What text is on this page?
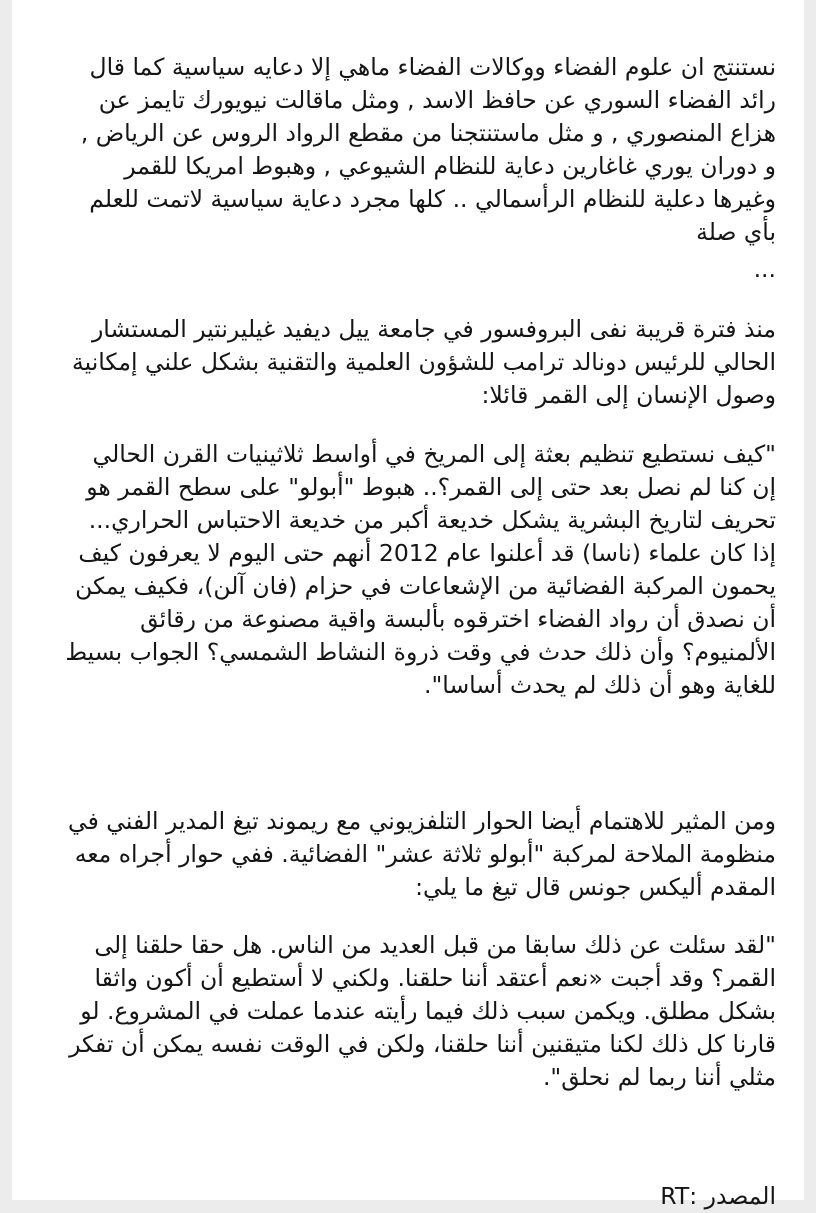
نستنتج ان علوم الفضاء ووكالات الفضاء ماهي إلا دعايه سياسية كما قال رائد الفضاء السوري عن حافظ الاسد , ومثل ماقالت نيويورك تايمز عن هزاع المنصوري , و مثل ماستنتجنا من مقطع الرواد الروس عن الرياض , و دوران يوري غاغارين دعاية للنظام الشيوعي , وهبوط امريكا للقمر وغيرها دعلية للنظام الرأسمالي .. كلها مجرد دعاية سياسية لاتمت للعلم بأي صلة

...

منذ فترة قريبة نفى البروفسور في جامعة ييل ديفيد غيليرنتير المستشار الحالي للرئيس دونالد ترامب للشؤون العلمية والتقنية بشكل علني إمكانية وصول الإنسان إلى القمر قائلا:

"كيف نستطيع تنظيم بعثة إلى المريخ في أواسط ثلاثينيات القرن الحالي إن كنا لم نصل بعد حتى إلى القمر؟.. هبوط "أبولو" على سطح القمر هو تحريف لتاريخ البشرية يشكل خديعة أكبر من خديعة الاحتباس الحراري... إذا كان علماء (ناسا) قد أعلنوا عام 2012 أنهم حتى اليوم لا يعرفون كيف يحمون المركبة الفضائية من الإشعاعات في حزام (فان آلن)، فكيف يمكن أن نصدق أن رواد الفضاء اخترقوه بألبسة واقية مصنوعة من رقائق الألمنيوم؟ وأن ذلك حدث في وقت ذروة النشاط الشمسي؟ الجواب بسيط للغاية وهو أن ذلك لم يحدث أساسا".

ومن المثير للاهتمام أيضا الحوار التلفزيوني مع ريموند تيغ المدير الفني في منظومة الملاحة لمركبة "أبولو ثلاثة عشر" الفضائية. ففي حوار أجراه معه المقدم أليكس جونس قال تيغ ما يلي:

"لقد سئلت عن ذلك سابقا من قبل العديد من الناس. هل حقا حلقنا إلى القمر؟ وقد أجبت «نعم أعتقد أننا حلقنا. ولكني لا أستطيع أن أكون واثقا بشكل مطلق. ويكمن سبب ذلك فيما رأيته عندما عملت في المشروع. لو قارنا كل ذلك لكنا متيقنين أننا حلقنا، ولكن في الوقت نفسه يمكن أن تفكر مثلي أننا ربما لم نحلق".

المصدر :RT
